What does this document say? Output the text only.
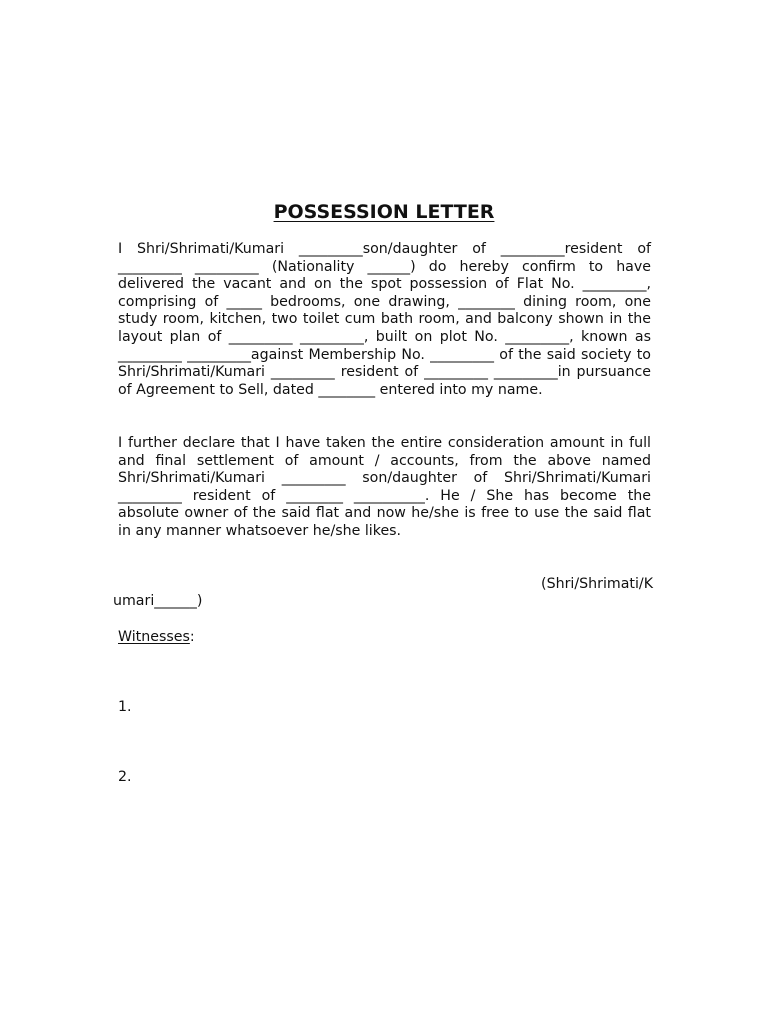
POSSESSION LETTER
I Shri/Shrimati/Kumari _________son/daughter of _________resident of _________ _________ (Nationality ______) do hereby confirm to have delivered the vacant and on the spot possession of Flat No. _________, comprising of _____ bedrooms, one drawing, ________ dining room, one study room, kitchen, two toilet cum bath room, and balcony shown in the layout plan of _________ _________, built on plot No. _________, known as _________ _________against Membership No. _________ of the said society to Shri/Shrimati/Kumari _________ resident of _________ _________in pursuance of Agreement to Sell, dated ________ entered into my name.
I further declare that I have taken the entire consideration amount in full and final settlement of amount / accounts, from the above named Shri/Shrimati/Kumari _________ son/daughter of Shri/Shrimati/Kumari _________ resident of ________ __________. He / She has become the absolute owner of the said flat and now he/she is free to use the said flat in any manner whatsoever he/she likes.
(Shri/Shrimati/K
umari______)
Witnesses:
1.
2.
